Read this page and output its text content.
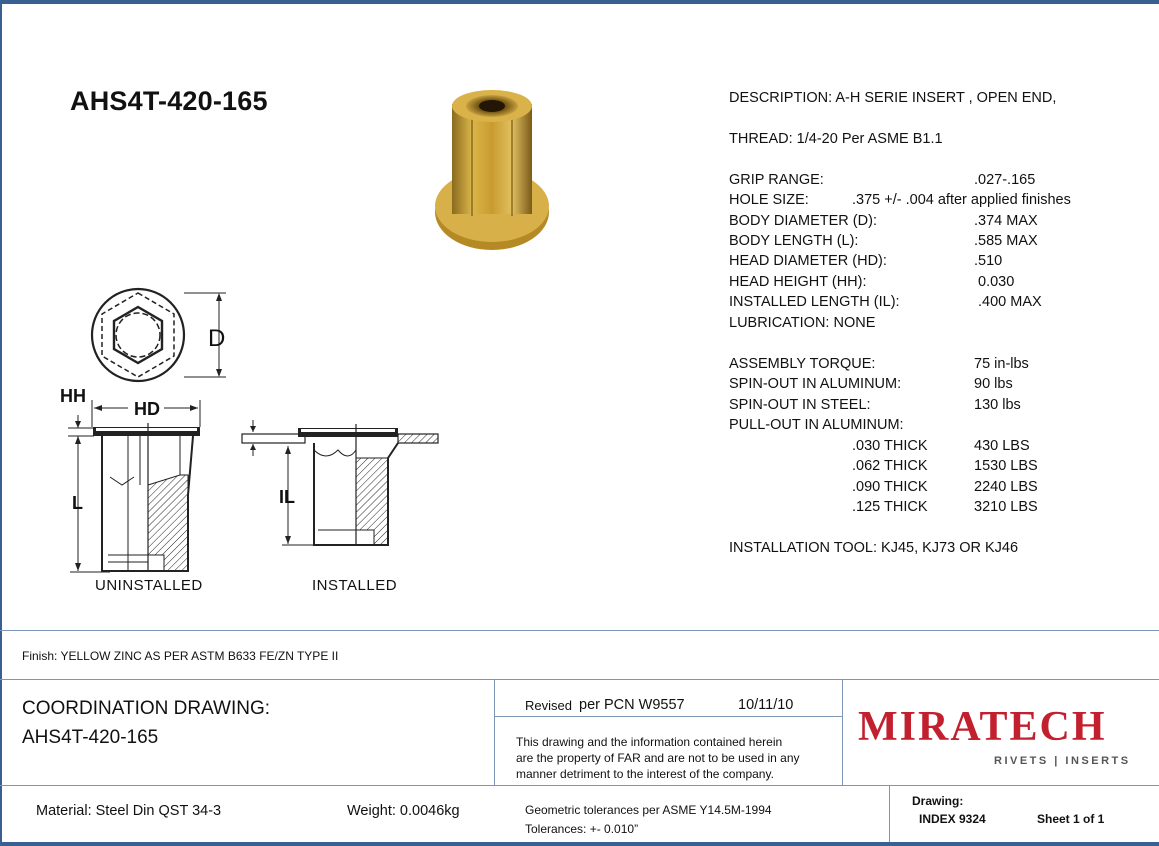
AHS4T-420-165
D
HH
HD
L
UNINSTALLED
IL
INSTALLED
DESCRIPTION: A-H SERIE INSERT , OPEN END,
THREAD: 1/4-20 Per ASME B1.1
GRIP RANGE:	.027-.165
HOLE SIZE:	.375 +/- .004 after applied finishes
BODY DIAMETER (D):	.374 MAX
BODY LENGTH (L):	.585 MAX
HEAD DIAMETER (HD):	.510
HEAD HEIGHT (HH):	0.030
INSTALLED LENGTH (IL):	.400 MAX
LUBRICATION: NONE
ASSEMBLY TORQUE:	75 in-lbs
SPIN-OUT IN ALUMINUM:	90 lbs
SPIN-OUT IN STEEL:	130 lbs
PULL-OUT IN ALUMINUM:
.030 THICK	430 LBS
.062 THICK	1530 LBS
.090 THICK	2240 LBS
.125 THICK	3210 LBS
INSTALLATION TOOL: KJ45, KJ73 OR KJ46
Finish: YELLOW ZINC AS PER ASTM B633 FE/ZN TYPE II
COORDINATION DRAWING:
AHS4T-420-165
Revised per PCN W9557	10/11/10
This drawing and the information contained herein
are the property of FAR and are not to be used in any
manner detriment to the interest of the company.
MIRATECH
RIVETS | INSERTS
Material: Steel Din QST 34-3	Weight: 0.0046kg	Geometric tolerances per ASME Y14.5M-1994
Tolerances: +- 0.010”
Drawing:
INDEX 9324	Sheet 1 of 1
